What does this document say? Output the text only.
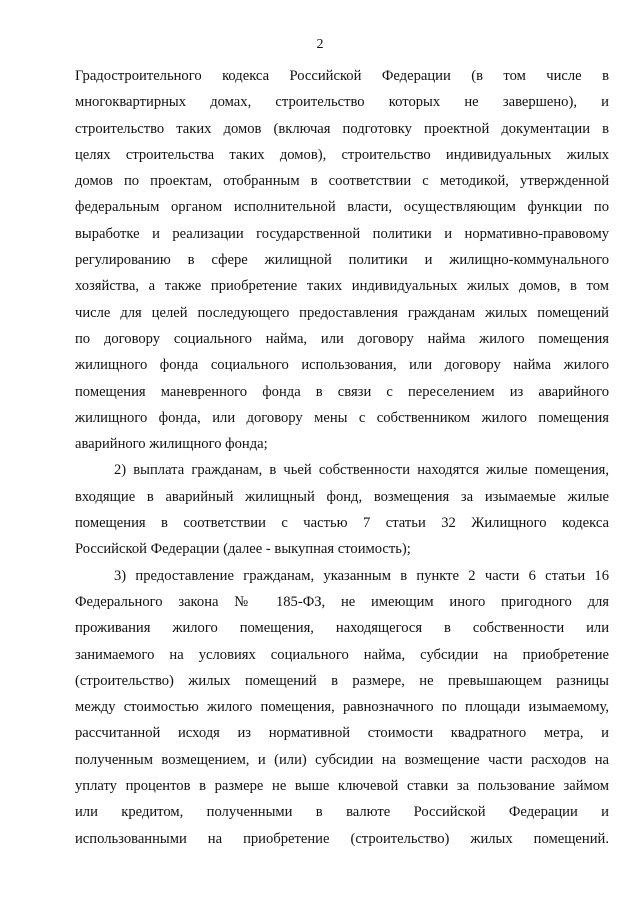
2
Градостроительного кодекса Российской Федерации (в том числе в
многоквартирных домах, строительство которых не завершено), и
строительство таких домов (включая подготовку проектной документации в
целях строительства таких домов), строительство индивидуальных жилых
домов по проектам, отобранным в соответствии с методикой, утвержденной
федеральным органом исполнительной власти, осуществляющим функции по
выработке и реализации государственной политики и нормативно-правовому
регулированию в сфере жилищной политики и жилищно-коммунального
хозяйства, а также приобретение таких индивидуальных жилых домов, в том
числе для целей последующего предоставления гражданам жилых помещений
по договору социального найма, или договору найма жилого помещения
жилищного фонда социального использования, или договору найма жилого
помещения маневренного фонда в связи с переселением из аварийного
жилищного фонда, или договору мены с собственником жилого помещения
аварийного жилищного фонда;
2) выплата гражданам, в чьей собственности находятся жилые помещения,
входящие в аварийный жилищный фонд, возмещения за изымаемые жилые
помещения в соответствии с частью 7 статьи 32 Жилищного кодекса
Российской Федерации (далее - выкупная стоимость);
3) предоставление гражданам, указанным в пункте 2 части 6 статьи 16
Федерального закона № 185-ФЗ, не имеющим иного пригодного для
проживания жилого помещения, находящегося в собственности или
занимаемого на условиях социального найма, субсидии на приобретение
(строительство) жилых помещений в размере, не превышающем разницы
между стоимостью жилого помещения, равнозначного по площади изымаемому,
рассчитанной исходя из нормативной стоимости квадратного метра, и
полученным возмещением, и (или) субсидии на возмещение части расходов на
уплату процентов в размере не выше ключевой ставки за пользование займом
или кредитом, полученными в валюте Российской Федерации и
использованными на приобретение (строительство) жилых помещений.
